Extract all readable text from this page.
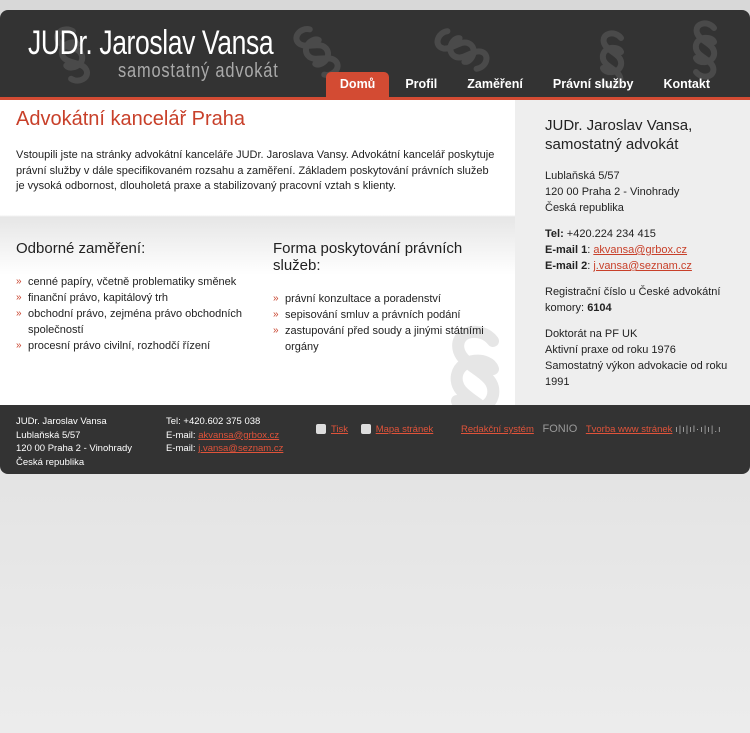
JUDr. Jaroslav Vansa
samostatný advokát
Domů	Profil	Zaměření	Právní služby	Kontakt
Advokátní kancelář Praha

Vstoupili jste na stránky advokátní kanceláře JUDr. Jaroslava Vansy. Advokátní kancelář poskytuje právní služby v dále specifikovaném rozsahu a zaměření. Základem poskytování právních služeb je vysoká odbornost, dlouholetá praxe a stabilizovaný pracovní vztah s klienty.

Odborné zaměření:
» cenné papíry, včetně problematiky směnek
» finanční právo, kapitálový trh
» obchodní právo, zejména právo obchodních společností
» procesní právo civilní, rozhodčí řízení
Forma poskytování právních služeb:
» právní konzultace a poradenství
» sepisování smluv a právních podání
» zastupování před soudy a jinými státními orgány
JUDr. Jaroslav Vansa, samostatný advokát

Lublaňská 5/57
120 00 Praha 2 - Vinohrady
Česká republika

Tel: +420.224 234 415
E-mail 1: akvansa@grbox.cz
E-mail 2: j.vansa@seznam.cz

Registrační číslo u České advokátní komory: 6104

Doktorát na PF UK
Aktivní praxe od roku 1976
Samostatný výkon advokacie od roku 1991

JUDr. Jaroslav Vansa
Lublaňská 5/57
120 00 Praha 2 - Vinohrady
Česká republika
Tel: +420.602 375 038
E-mail: akvansa@grbox.cz
E-mail: j.vansa@seznam.cz
Tisk	Mapa stránek	Redakční systém FONIO Tvorba www stránek ı|ı|ıl·ı|ı|.ı
